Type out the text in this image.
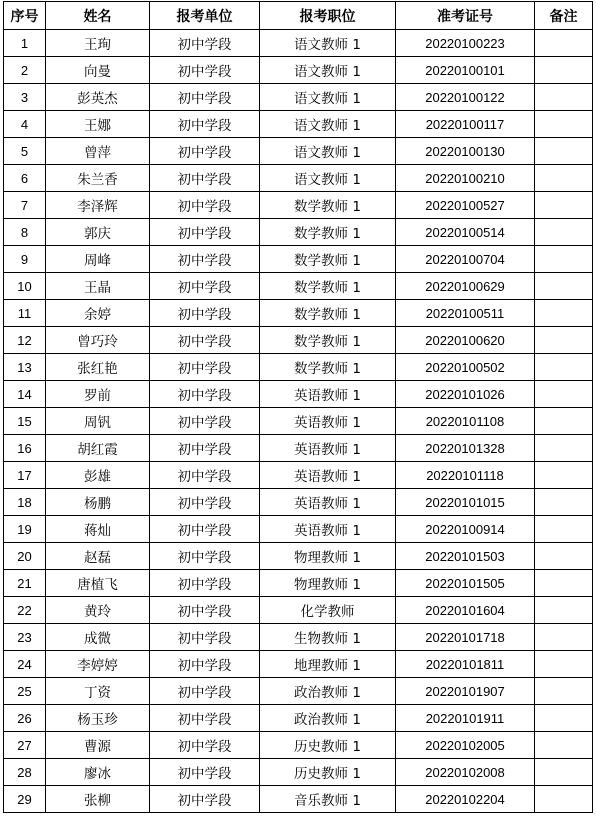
序号	姓名	报考单位	报考职位	准考证号	备注
1	王珣	初中学段	语文教师 1	20220100223	
2	向曼	初中学段	语文教师 1	20220100101	
3	彭英杰	初中学段	语文教师 1	20220100122	
4	王娜	初中学段	语文教师 1	20220100117	
5	曾萍	初中学段	语文教师 1	20220100130	
6	朱兰香	初中学段	语文教师 1	20220100210	
7	李泽辉	初中学段	数学教师 1	20220100527	
8	郭庆	初中学段	数学教师 1	20220100514	
9	周峰	初中学段	数学教师 1	20220100704	
10	王晶	初中学段	数学教师 1	20220100629	
11	余婷	初中学段	数学教师 1	20220100511	
12	曾巧玲	初中学段	数学教师 1	20220100620	
13	张红艳	初中学段	数学教师 1	20220100502	
14	罗前	初中学段	英语教师 1	20220101026	
15	周钒	初中学段	英语教师 1	20220101108	
16	胡红霞	初中学段	英语教师 1	20220101328	
17	彭雄	初中学段	英语教师 1	20220101118	
18	杨鹏	初中学段	英语教师 1	20220101015	
19	蒋灿	初中学段	英语教师 1	20220100914	
20	赵磊	初中学段	物理教师 1	20220101503	
21	唐植飞	初中学段	物理教师 1	20220101505	
22	黄玲	初中学段	化学教师	20220101604	
23	成微	初中学段	生物教师 1	20220101718	
24	李婷婷	初中学段	地理教师 1	20220101811	
25	丁资	初中学段	政治教师 1	20220101907	
26	杨玉珍	初中学段	政治教师 1	20220101911	
27	曹源	初中学段	历史教师 1	20220102005	
28	廖冰	初中学段	历史教师 1	20220102008	
29	张柳	初中学段	音乐教师 1	20220102204	
